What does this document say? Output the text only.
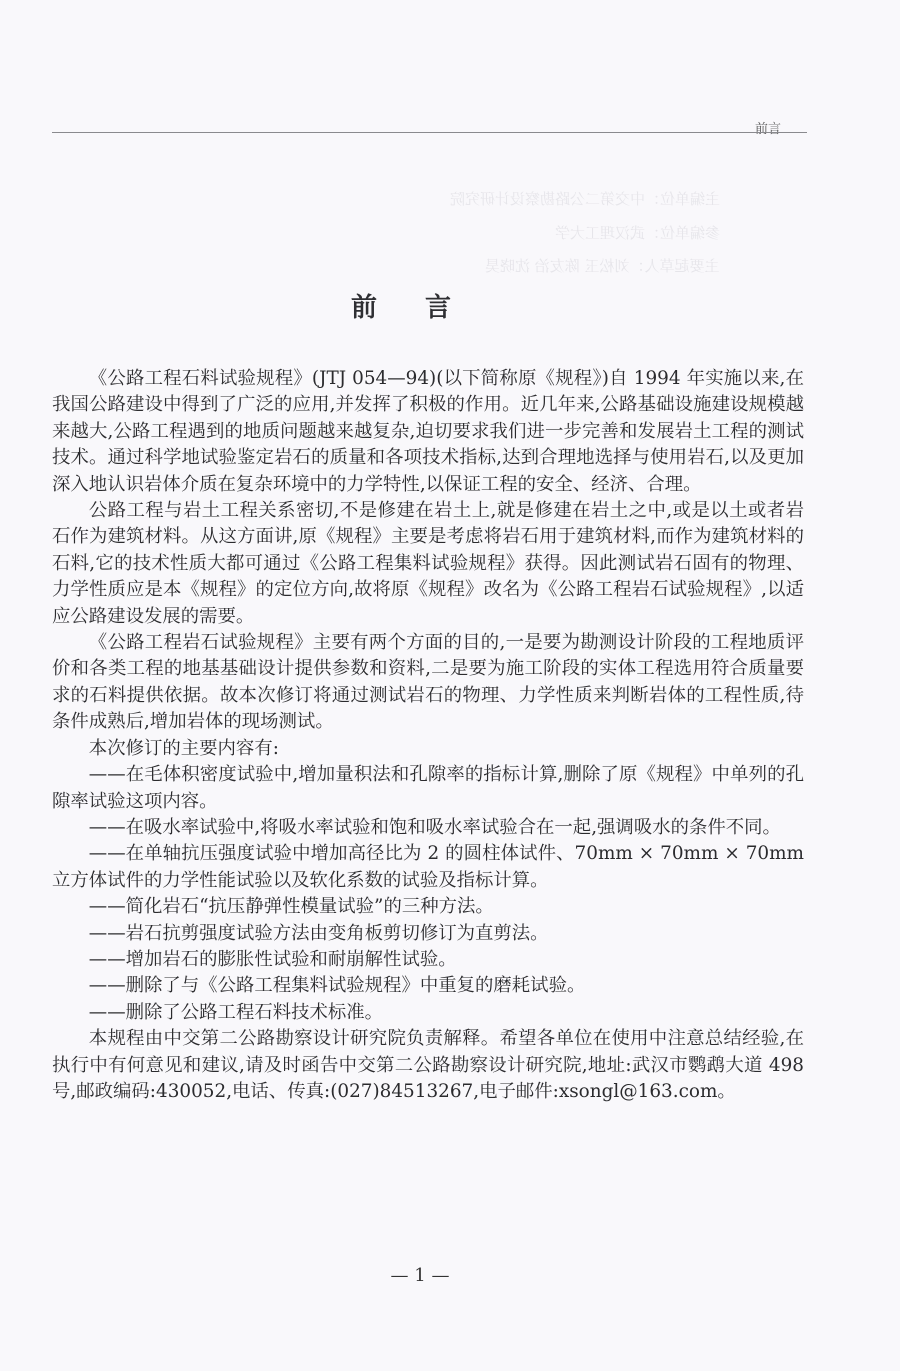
前言
主编单位：中交第二公路勘察设计研究院
参编单位：武汉理工大学
主要起草人：刘松玉 陈友治 沈晓昊
前言

《公路工程石料试验规程》(JTJ 054—94)(以下简称原《规程》)自 1994 年实施以来,在我国公路建设中得到了广泛的应用,并发挥了积极的作用。近几年来,公路基础设施建设规模越来越大,公路工程遇到的地质问题越来越复杂,迫切要求我们进一步完善和发展岩土工程的测试技术。通过科学地试验鉴定岩石的质量和各项技术指标,达到合理地选择与使用岩石,以及更加深入地认识岩体介质在复杂环境中的力学特性,以保证工程的安全、经济、合理。

公路工程与岩土工程关系密切,不是修建在岩土上,就是修建在岩土之中,或是以土或者岩石作为建筑材料。从这方面讲,原《规程》主要是考虑将岩石用于建筑材料,而作为建筑材料的石料,它的技术性质大都可通过《公路工程集料试验规程》获得。因此测试岩石固有的物理、力学性质应是本《规程》的定位方向,故将原《规程》改名为《公路工程岩石试验规程》,以适应公路建设发展的需要。

《公路工程岩石试验规程》主要有两个方面的目的,一是要为勘测设计阶段的工程地质评价和各类工程的地基基础设计提供参数和资料,二是要为施工阶段的实体工程选用符合质量要求的石料提供依据。故本次修订将通过测试岩石的物理、力学性质来判断岩体的工程性质,待条件成熟后,增加岩体的现场测试。

本次修订的主要内容有:

——在毛体积密度试验中,增加量积法和孔隙率的指标计算,删除了原《规程》中单列的孔隙率试验这项内容。

——在吸水率试验中,将吸水率试验和饱和吸水率试验合在一起,强调吸水的条件不同。

——在单轴抗压强度试验中增加高径比为 2 的圆柱体试件、70mm × 70mm × 70mm 立方体试件的力学性能试验以及软化系数的试验及指标计算。

——简化岩石“抗压静弹性模量试验”的三种方法。

——岩石抗剪强度试验方法由变角板剪切修订为直剪法。

——增加岩石的膨胀性试验和耐崩解性试验。

——删除了与《公路工程集料试验规程》中重复的磨耗试验。

——删除了公路工程石料技术标准。

本规程由中交第二公路勘察设计研究院负责解释。希望各单位在使用中注意总结经验,在执行中有何意见和建议,请及时函告中交第二公路勘察设计研究院,地址:武汉市鹦鹉大道 498 号,邮政编码:430052,电话、传真:(027)84513267,电子邮件:xsongl@163.com。

— 1 —
